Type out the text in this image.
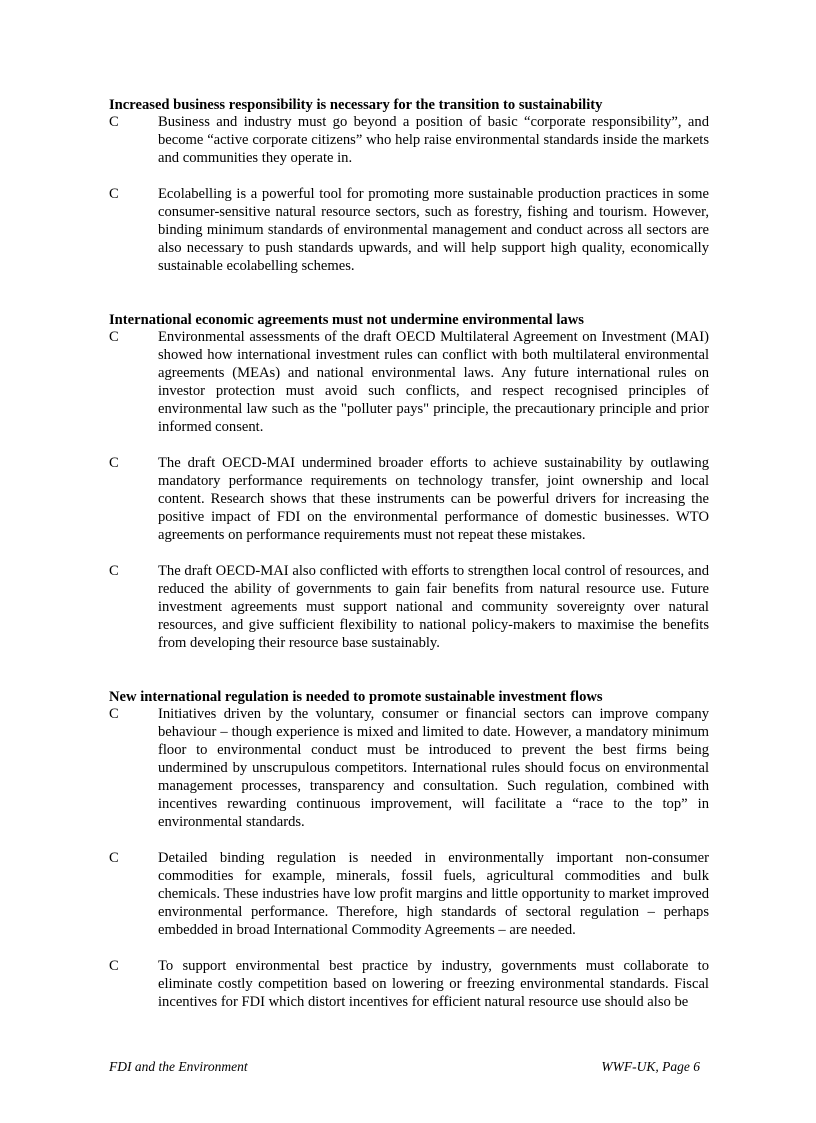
Increased business responsibility is necessary for the transition to sustainability

C	Business and industry must go beyond a position of basic “corporate responsibility”, and become “active corporate citizens” who help raise environmental standards inside the markets and communities they operate in.
C	Ecolabelling is a powerful tool for promoting more sustainable production practices in some consumer-sensitive natural resource sectors, such as forestry, fishing and tourism. However, binding minimum standards of environmental management and conduct across all sectors are also necessary to push standards upwards, and will help support high quality, economically sustainable ecolabelling schemes.

International economic agreements must not undermine environmental laws

C	Environmental assessments of the draft OECD Multilateral Agreement on Investment (MAI) showed how international investment rules can conflict with both multilateral environmental agreements (MEAs) and national environmental laws. Any future international rules on investor protection must avoid such conflicts, and respect recognised principles of environmental law such as the "polluter pays" principle, the precautionary principle and prior informed consent.
C	The draft OECD-MAI undermined broader efforts to achieve sustainability by outlawing mandatory performance requirements on technology transfer, joint ownership and local content. Research shows that these instruments can be powerful drivers for increasing the positive impact of FDI on the environmental performance of domestic businesses. WTO agreements on performance requirements must not repeat these mistakes.
C	The draft OECD-MAI also conflicted with efforts to strengthen local control of resources, and reduced the ability of governments to gain fair benefits from natural resource use. Future investment agreements must support national and community sovereignty over natural resources, and give sufficient flexibility to national policy-makers to maximise the benefits from developing their resource base sustainably.

New international regulation is needed to promote sustainable investment flows

C	Initiatives driven by the voluntary, consumer or financial sectors can improve company behaviour – though experience is mixed and limited to date. However, a mandatory minimum floor to environmental conduct must be introduced to prevent the best firms being undermined by unscrupulous competitors. International rules should focus on environmental management processes, transparency and consultation. Such regulation, combined with incentives rewarding continuous improvement, will facilitate a “race to the top” in environmental standards.
C	Detailed binding regulation is needed in environmentally important non-consumer commodities for example, minerals, fossil fuels, agricultural commodities and bulk chemicals. These industries have low profit margins and little opportunity to market improved environmental performance. Therefore, high standards of sectoral regulation – perhaps embedded in broad International Commodity Agreements – are needed.
C	To support environmental best practice by industry, governments must collaborate to eliminate costly competition based on lowering or freezing environmental standards. Fiscal incentives for FDI which distort incentives for efficient natural resource use should also be
FDI and the Environment	WWF-UK, Page 6
